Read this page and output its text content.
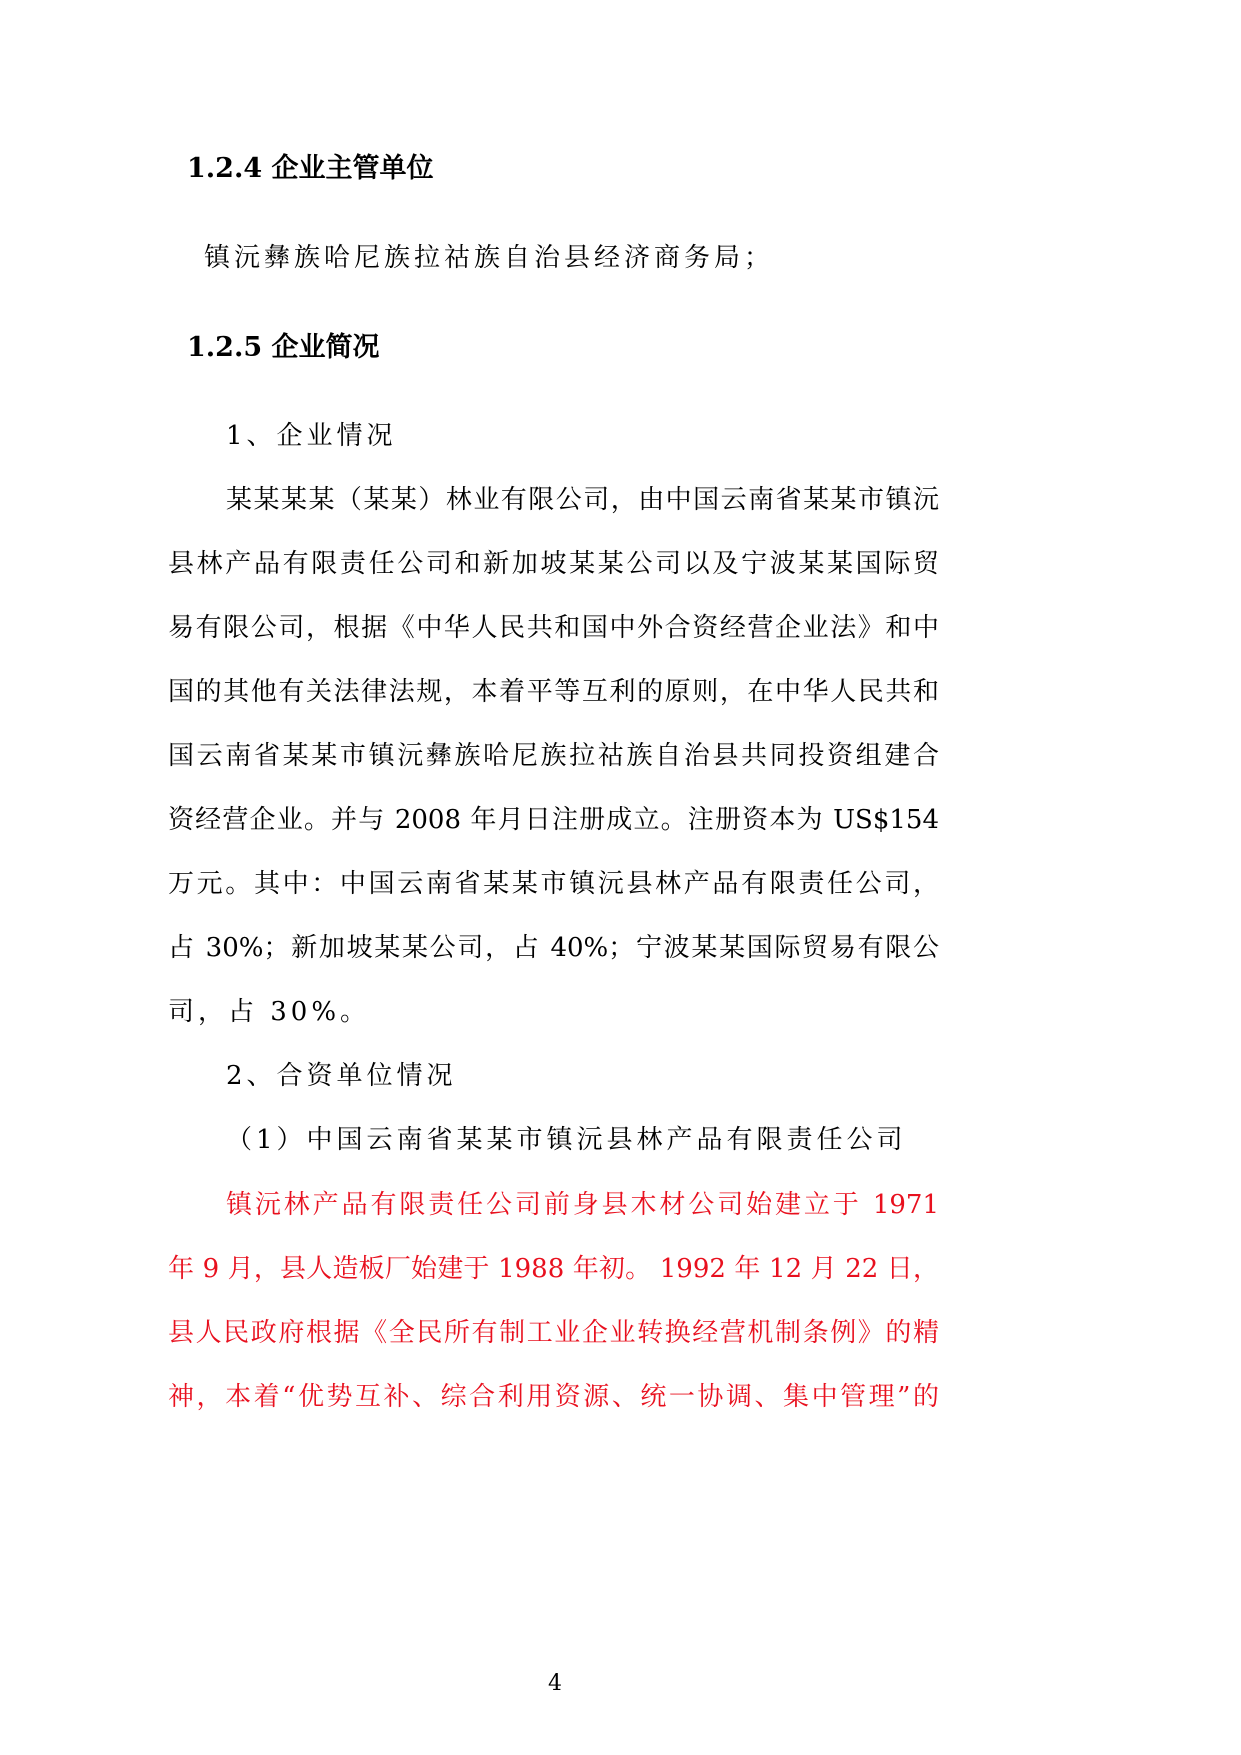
1.2.4 企业主管单位
镇沅彝族哈尼族拉祜族自治县经济商务局；
1.2.5 企业简况
1、企业情况
某某某某（某某）林业有限公司，由中国云南省某某市镇沅
县林产品有限责任公司和新加坡某某公司以及宁波某某国际贸
易有限公司，根据《中华人民共和国中外合资经营企业法》和中
国的其他有关法律法规，本着平等互利的原则，在中华人民共和
国云南省某某市镇沅彝族哈尼族拉祜族自治县共同投资组建合
资经营企业。并与 2008 年月日注册成立。注册资本为 US$154
万元。其中：中国云南省某某市镇沅县林产品有限责任公司，
占 30%；新加坡某某公司，占 40%；宁波某某国际贸易有限公
司，占 30%。
2、合资单位情况
（1）中国云南省某某市镇沅县林产品有限责任公司
镇沅林产品有限责任公司前身县木材公司始建立于 1971
年 9 月，县人造板厂始建于 1988 年初。 1992 年 12 月 22 日，
县人民政府根据《全民所有制工业企业转换经营机制条例》的精
神，本着“优势互补、综合利用资源、统一协调、集中管理”的
4
